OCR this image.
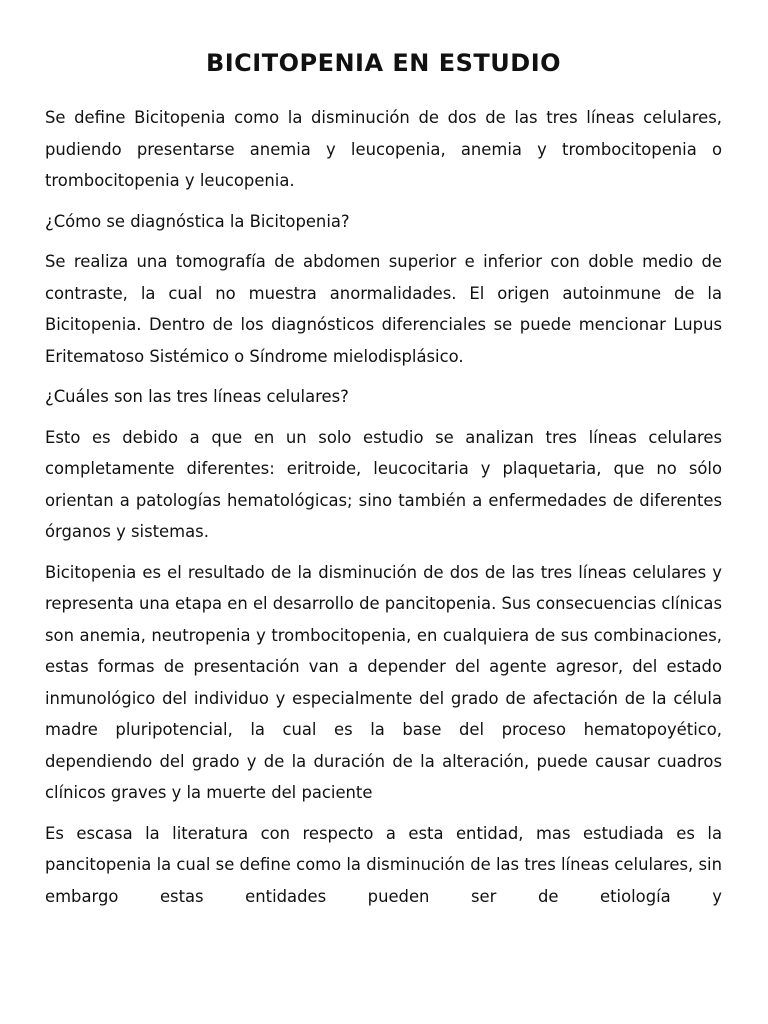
BICITOPENIA EN ESTUDIO

Se define Bicitopenia como la disminución de dos de las tres líneas celulares, pudiendo presentarse anemia y leucopenia, anemia y trombocitopenia o trombocitopenia y leucopenia.

¿Cómo se diagnóstica la Bicitopenia?

Se realiza una tomografía de abdomen superior e inferior con doble medio de contraste, la cual no muestra anormalidades. El origen autoinmune de la Bicitopenia. Dentro de los diagnósticos diferenciales se puede mencionar Lupus Eritematoso Sistémico o Síndrome mielodisplásico.

¿Cuáles son las tres líneas celulares?

Esto es debido a que en un solo estudio se analizan tres líneas celulares completamente diferentes: eritroide, leucocitaria y plaquetaria, que no sólo orientan a patologías hematológicas; sino también a enfermedades de diferentes órganos y sistemas.

Bicitopenia es el resultado de la disminución de dos de las tres líneas celulares y representa una etapa en el desarrollo de pancitopenia. Sus consecuencias clínicas son anemia, neutropenia y trombocitopenia, en cualquiera de sus combinaciones, estas formas de presentación van a depender del agente agresor, del estado inmunológico del individuo y especialmente del grado de afectación de la célula madre pluripotencial, la cual es la base del proceso hematopoyético, dependiendo del grado y de la duración de la alteración, puede causar cuadros clínicos graves y la muerte del paciente

Es escasa la literatura con respecto a esta entidad, mas estudiada es la pancitopenia la cual se define como la disminución de las tres líneas celulares, sin embargo estas entidades pueden ser de etiología y
